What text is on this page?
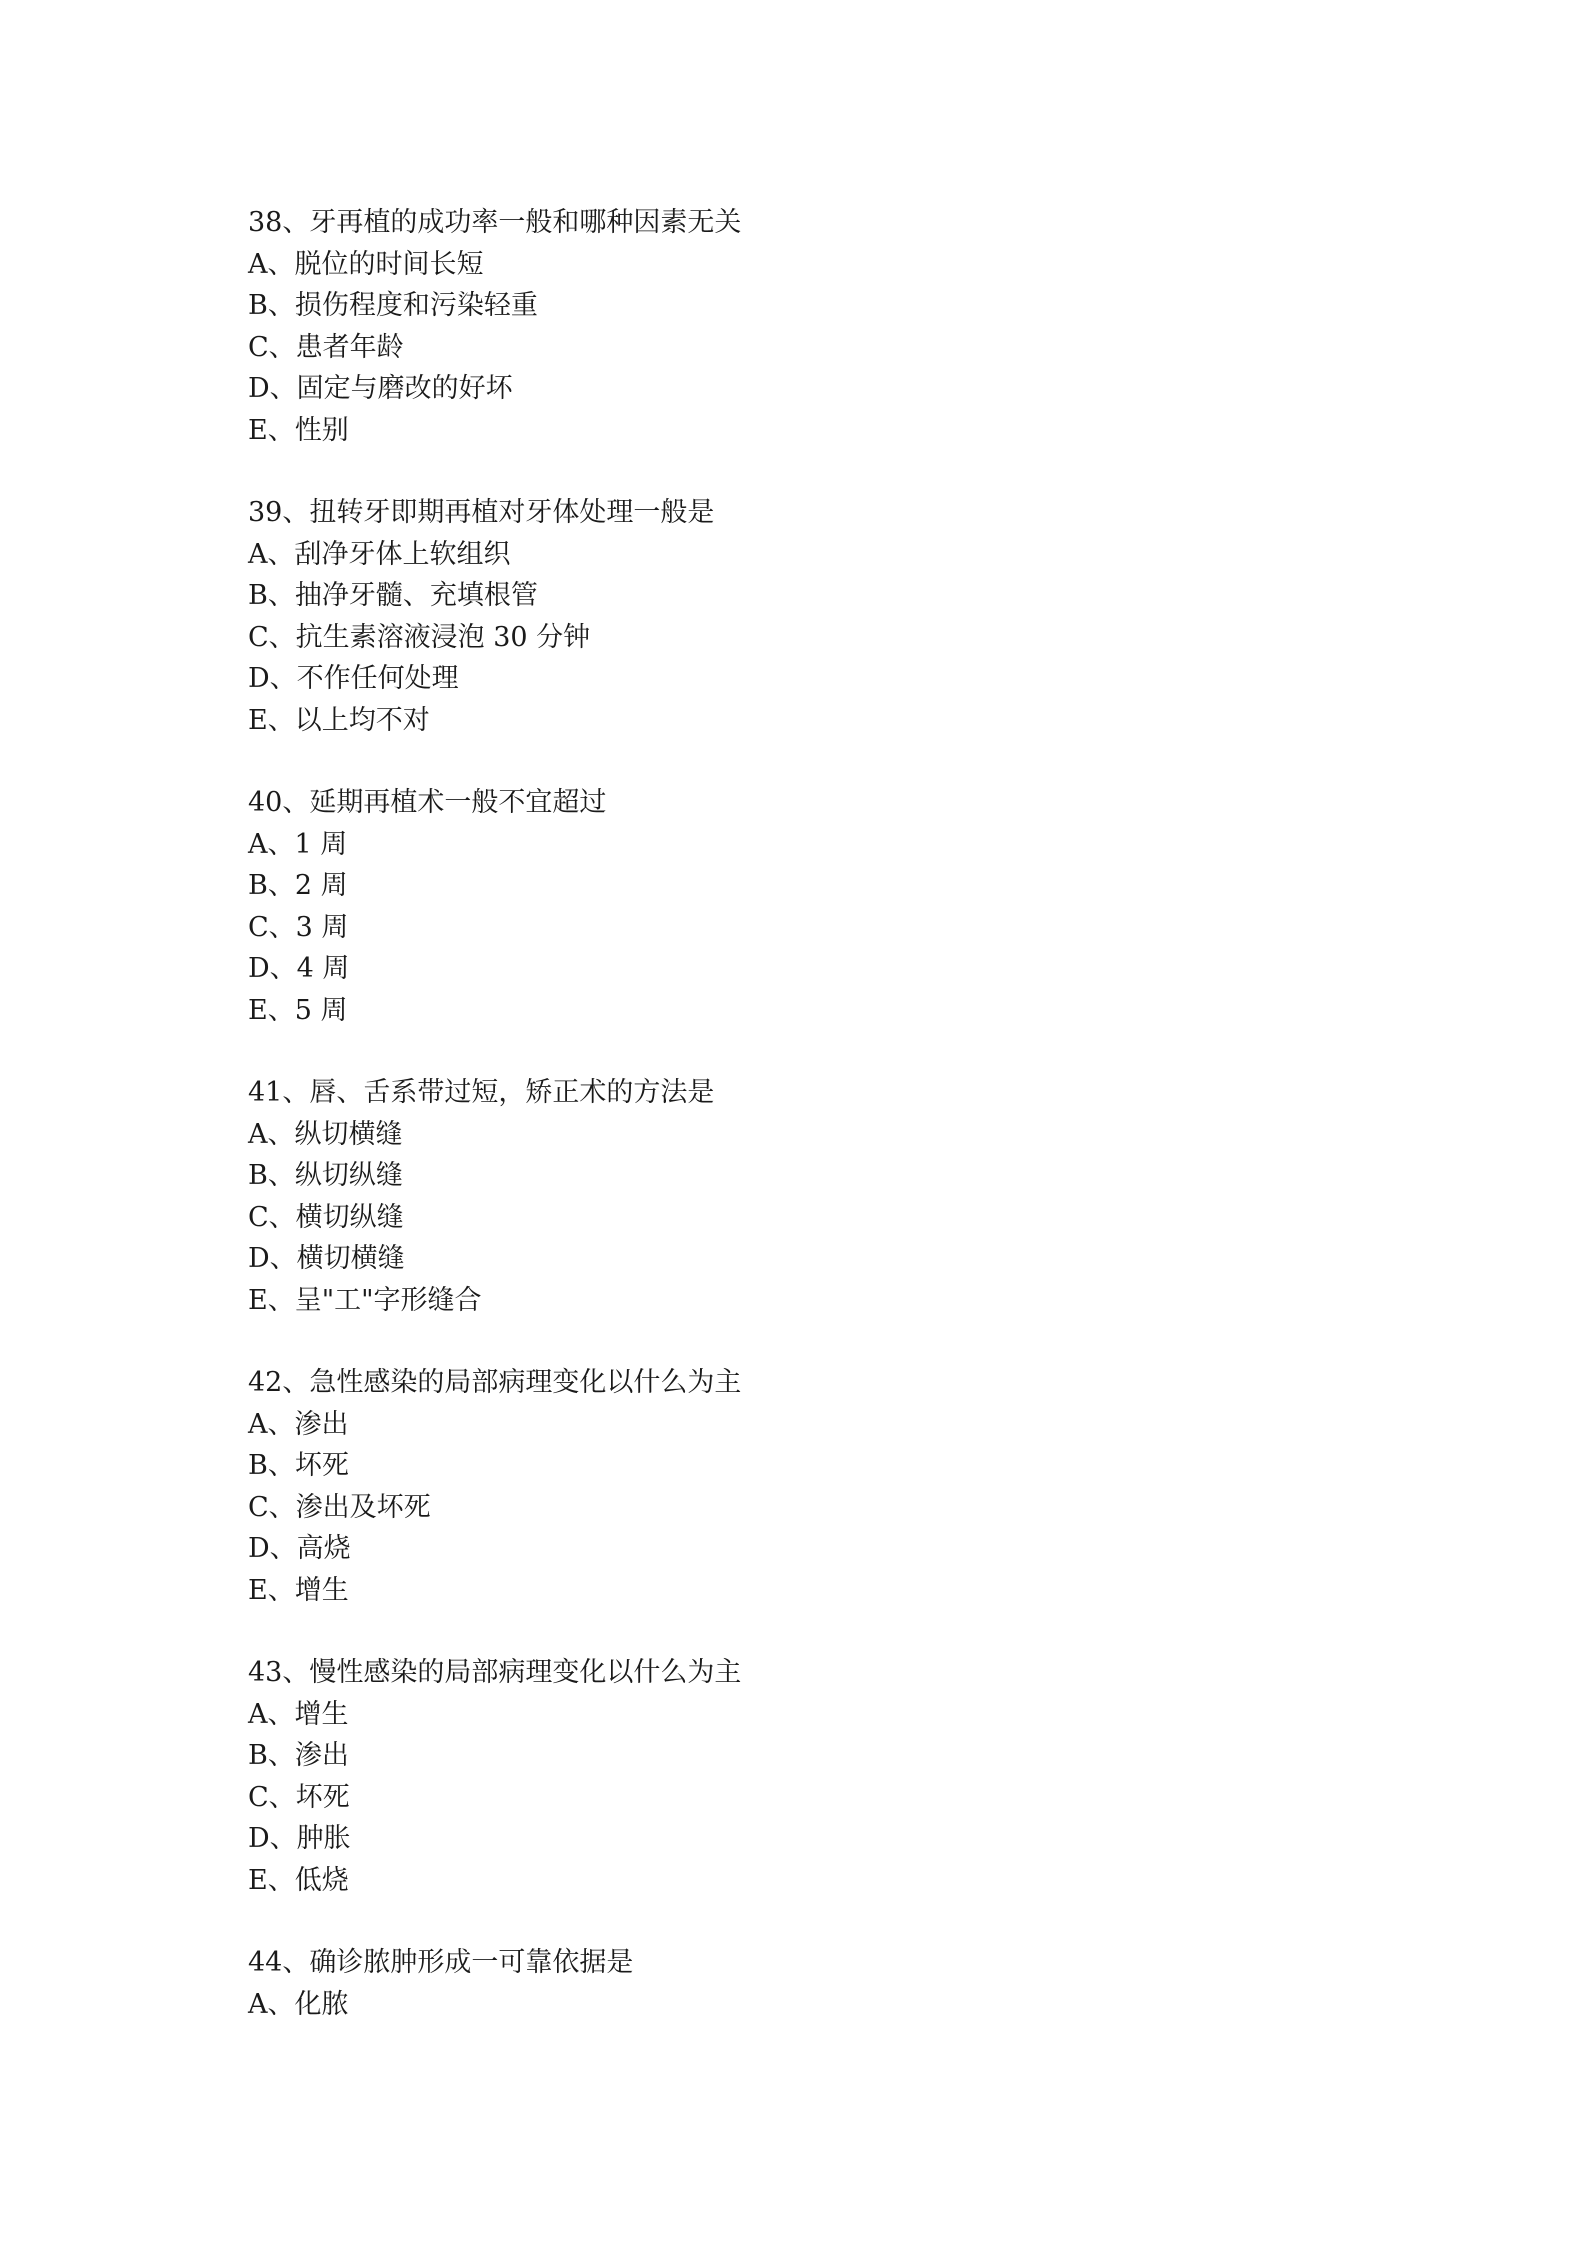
38、牙再植的成功率一般和哪种因素无关
A、脱位的时间长短
B、损伤程度和污染轻重
C、患者年龄
D、固定与磨改的好坏
E、性别
39、扭转牙即期再植对牙体处理一般是
A、刮净牙体上软组织
B、抽净牙髓、充填根管
C、抗生素溶液浸泡 30 分钟
D、不作任何处理
E、以上均不对
40、延期再植术一般不宜超过
A、1 周
B、2 周
C、3 周
D、4 周
E、5 周
41、唇、舌系带过短，矫正术的方法是
A、纵切横缝
B、纵切纵缝
C、横切纵缝
D、横切横缝
E、呈"工"字形缝合
42、急性感染的局部病理变化以什么为主
A、渗出
B、坏死
C、渗出及坏死
D、高烧
E、增生
43、慢性感染的局部病理变化以什么为主
A、增生
B、渗出
C、坏死
D、肿胀
E、低烧
44、确诊脓肿形成一可靠依据是
A、化脓
